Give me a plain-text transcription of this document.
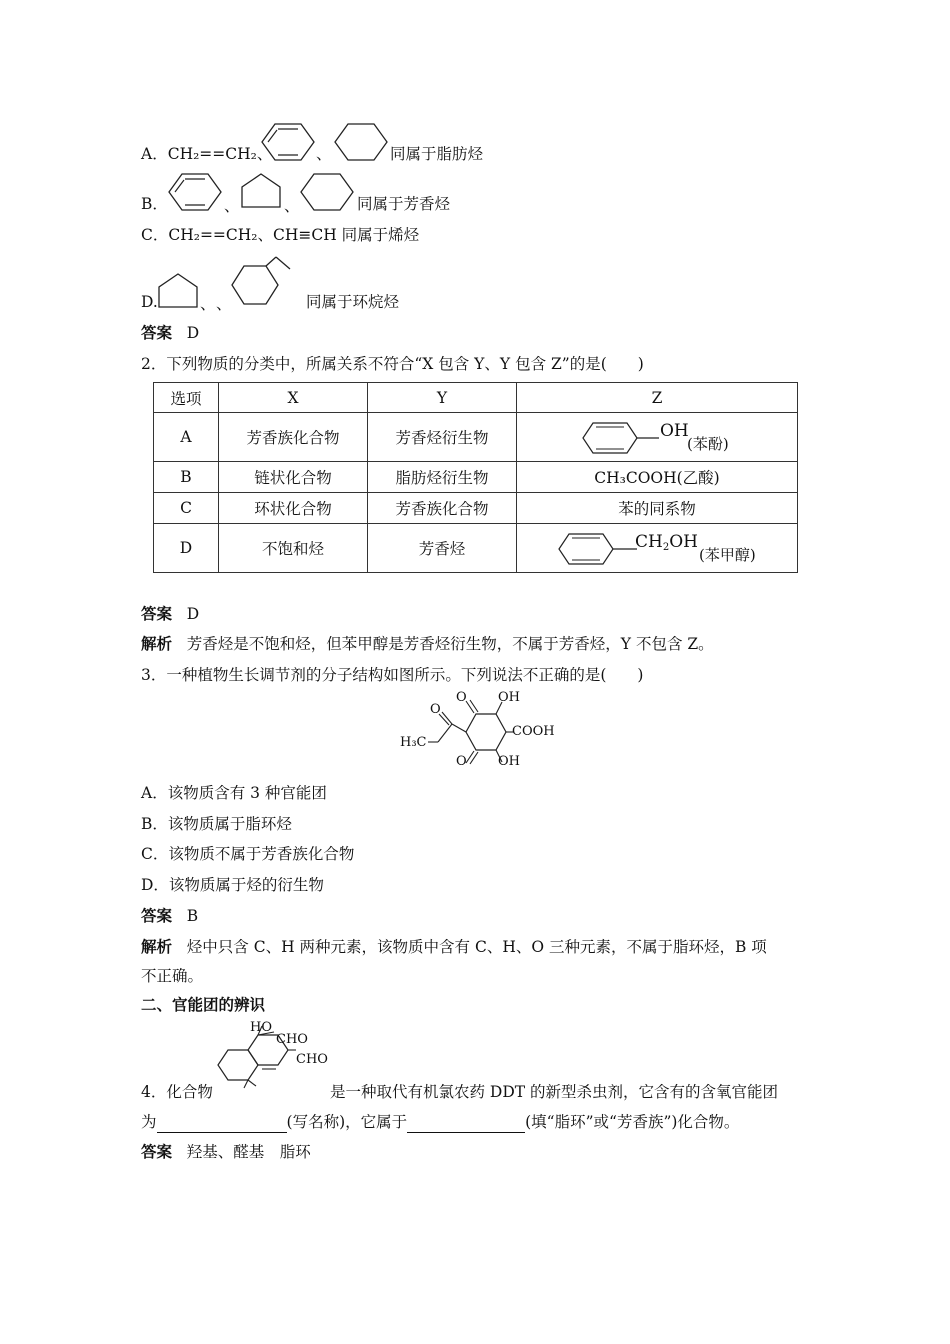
A．CH₂==CH₂、	、	同属于脂肪烃
B．	、	、	同属于芳香烃
C．CH₂==CH₂、CH≡CH 同属于烯烃
D.	、 、	同属于环烷烃
答案 D
2．下列物质的分类中，所属关系不符合“X 包含 Y、Y 包含 Z”的是(　　)
选项	X	Y	Z
A	芳香族化合物	芳香烃衍生物	OH
(苯酚)

B	链状化合物	脂肪烃衍生物	CH₃COOH(乙酸)
C	环状化合物	芳香族化合物	苯的同系物
D	不饱和烃	芳香烃	$CH_2OH$
(苯甲醇)
答案 D
解析 芳香烃是不饱和烃，但苯甲醇是芳香烃衍生物，不属于芳香烃，Y 不包含 Z。
3．一种植物生长调节剂的分子结构如图所示。下列说法不正确的是(　　)
O
O OH
COOH
H₃C
O OH
A．该物质含有 3 种官能团
B．该物质属于脂环烃
C．该物质不属于芳香族化合物
D．该物质属于烃的衍生物
答案 B
解析 烃中只含 C、H 两种元素，该物质中含有 C、H、O 三种元素，不属于脂环烃，B 项
不正确。
二、官能团的辨识
HO
CHO
CHO
4．化合物	是一种取代有机氯农药 DDT 的新型杀虫剂，它含有的含氧官能团
为	(写名称)，它属于	(填“脂环”或“芳香族”)化合物。
答案 羟基、醛基　脂环
